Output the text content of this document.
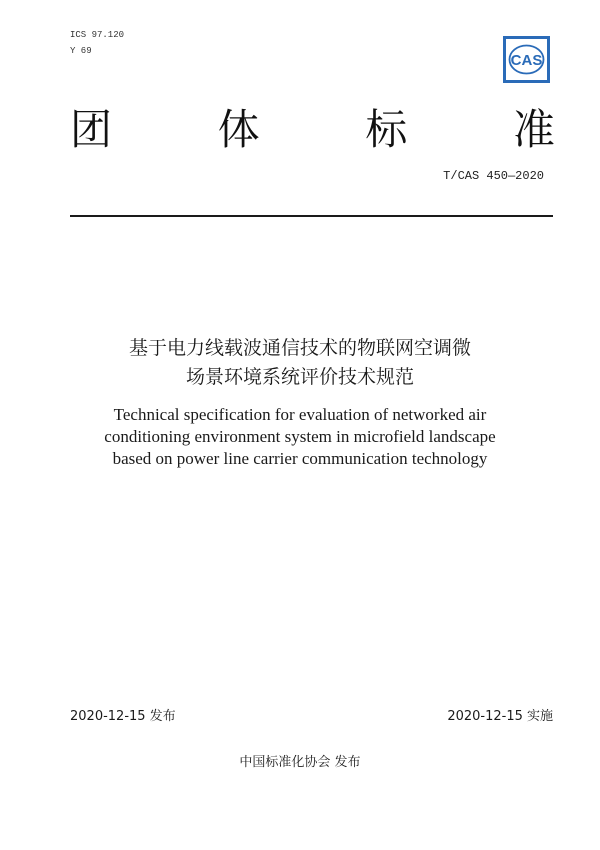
ICS 97.120
Y 69
CAS
团	体	标	准
T/CAS 450—2020
基于电力线载波通信技术的物联网空调微
场景环境系统评价技术规范
Technical specification for evaluation of networked air
conditioning environment system in microfield landscape
based on power line carrier communication technology
2020-12-15 发布	2020-12-15 实施
中国标准化协会 发布
